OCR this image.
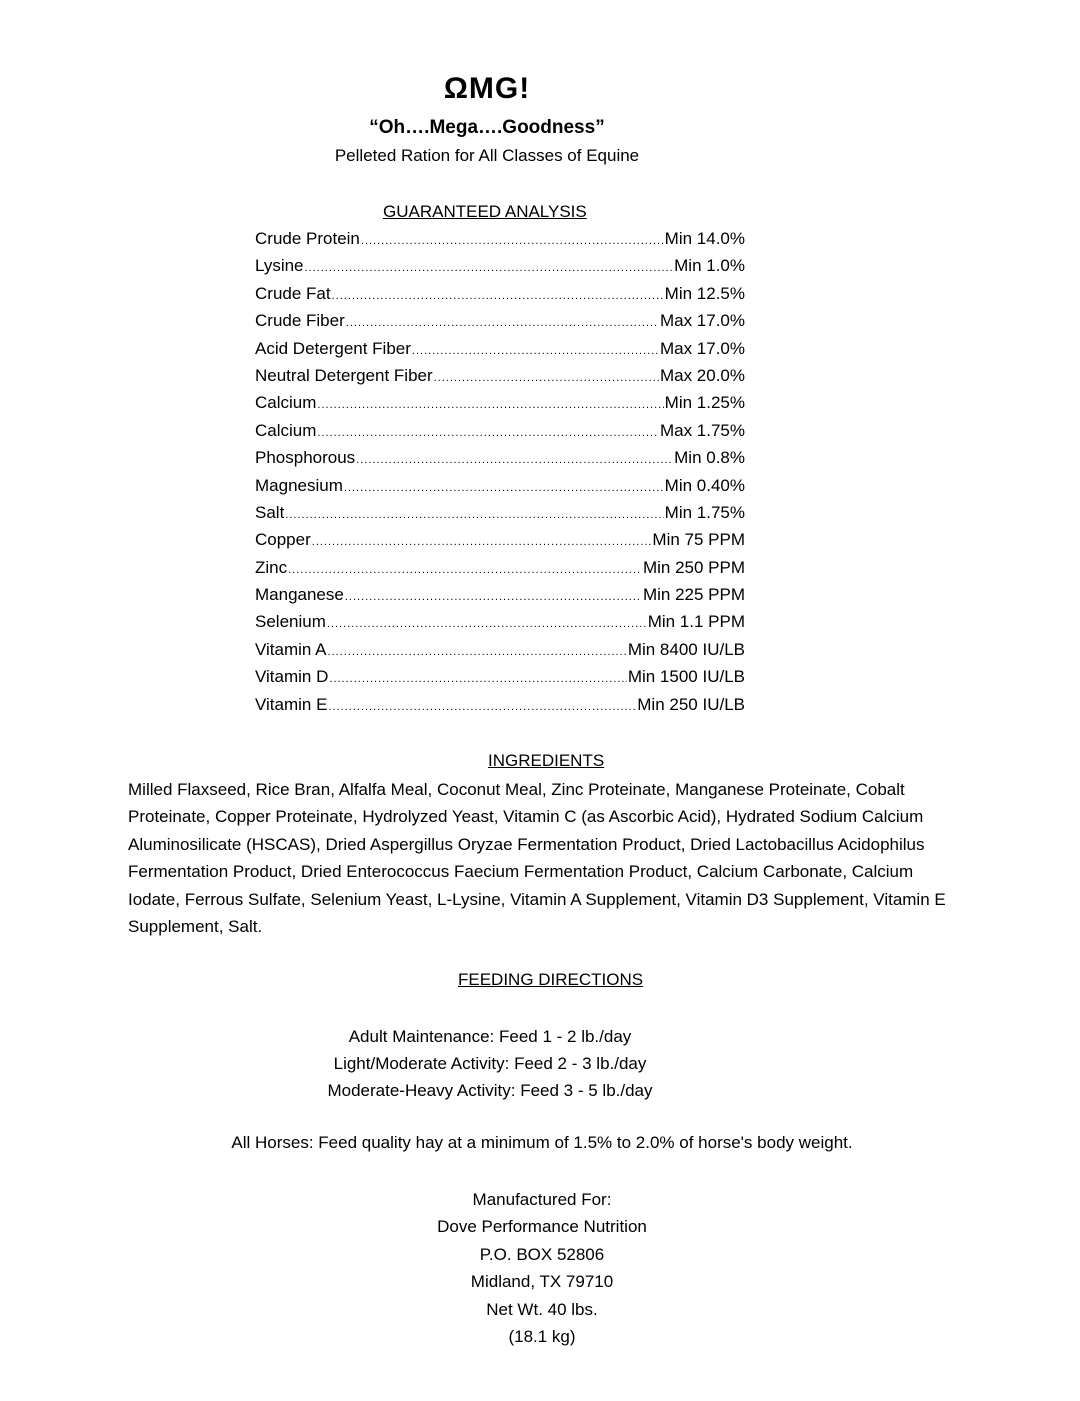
ΩMG!
“Oh….Mega….Goodness”
Pelleted Ration for All Classes of Equine
GUARANTEED ANALYSIS
Crude Protein .....	Min 14.0%
Lysine .....	Min 1.0%
Crude Fat .....	Min 12.5%
Crude Fiber .....	Max 17.0%
Acid Detergent Fiber .....	Max 17.0%
Neutral Detergent Fiber .....	Max 20.0%
Calcium .....	Min 1.25%
Calcium .....	Max 1.75%
Phosphorous .....	Min 0.8%
Magnesium .....	Min 0.40%
Salt .....	Min 1.75%
Copper .....	Min 75 PPM
Zinc .....	Min 250 PPM
Manganese .....	Min 225 PPM
Selenium .....	Min 1.1 PPM
Vitamin A .....	Min 8400 IU/LB
Vitamin D .....	Min 1500 IU/LB
Vitamin E .....	Min 250 IU/LB
INGREDIENTS
Milled Flaxseed, Rice Bran, Alfalfa Meal, Coconut Meal, Zinc Proteinate, Manganese Proteinate, Cobalt Proteinate, Copper Proteinate, Hydrolyzed Yeast, Vitamin C (as Ascorbic Acid), Hydrated Sodium Calcium Aluminosilicate (HSCAS), Dried Aspergillus Oryzae Fermentation Product, Dried Lactobacillus Acidophilus Fermentation Product, Dried Enterococcus Faecium Fermentation Product, Calcium Carbonate, Calcium Iodate, Ferrous Sulfate, Selenium Yeast, L-Lysine, Vitamin A Supplement, Vitamin D3 Supplement, Vitamin E Supplement, Salt.
FEEDING DIRECTIONS
Adult Maintenance: Feed 1 - 2 lb./day
Light/Moderate Activity: Feed 2 - 3 lb./day
Moderate-Heavy Activity: Feed 3 - 5 lb./day
All Horses: Feed quality hay at a minimum of 1.5% to 2.0% of horse's body weight.
Manufactured For:
Dove Performance Nutrition
P.O. BOX 52806
Midland, TX 79710
Net Wt. 40 lbs.
(18.1 kg)
